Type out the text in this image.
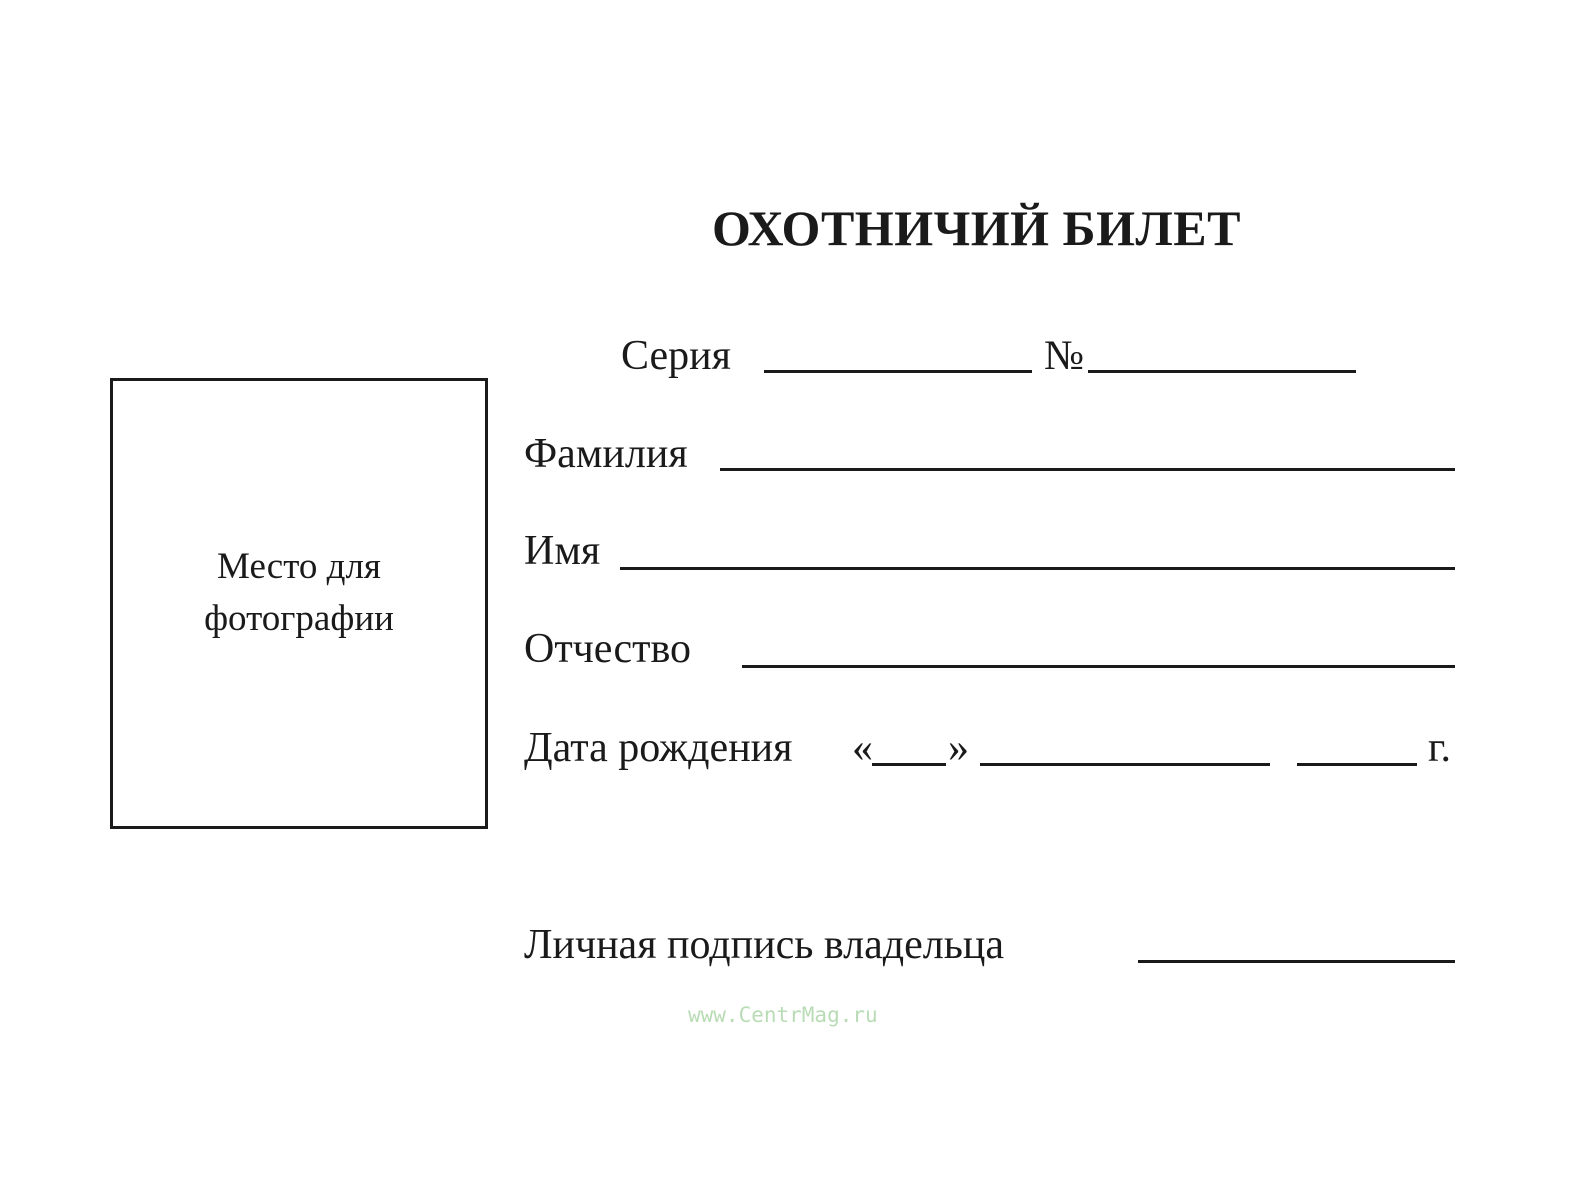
ОХОТНИЧИЙ БИЛЕТ
Место для
фотографии
Серия	№
Фамилия
Имя
Отчество
Дата рождения « »	г.
Личная подпись владельца
www.CentrMag.ru
